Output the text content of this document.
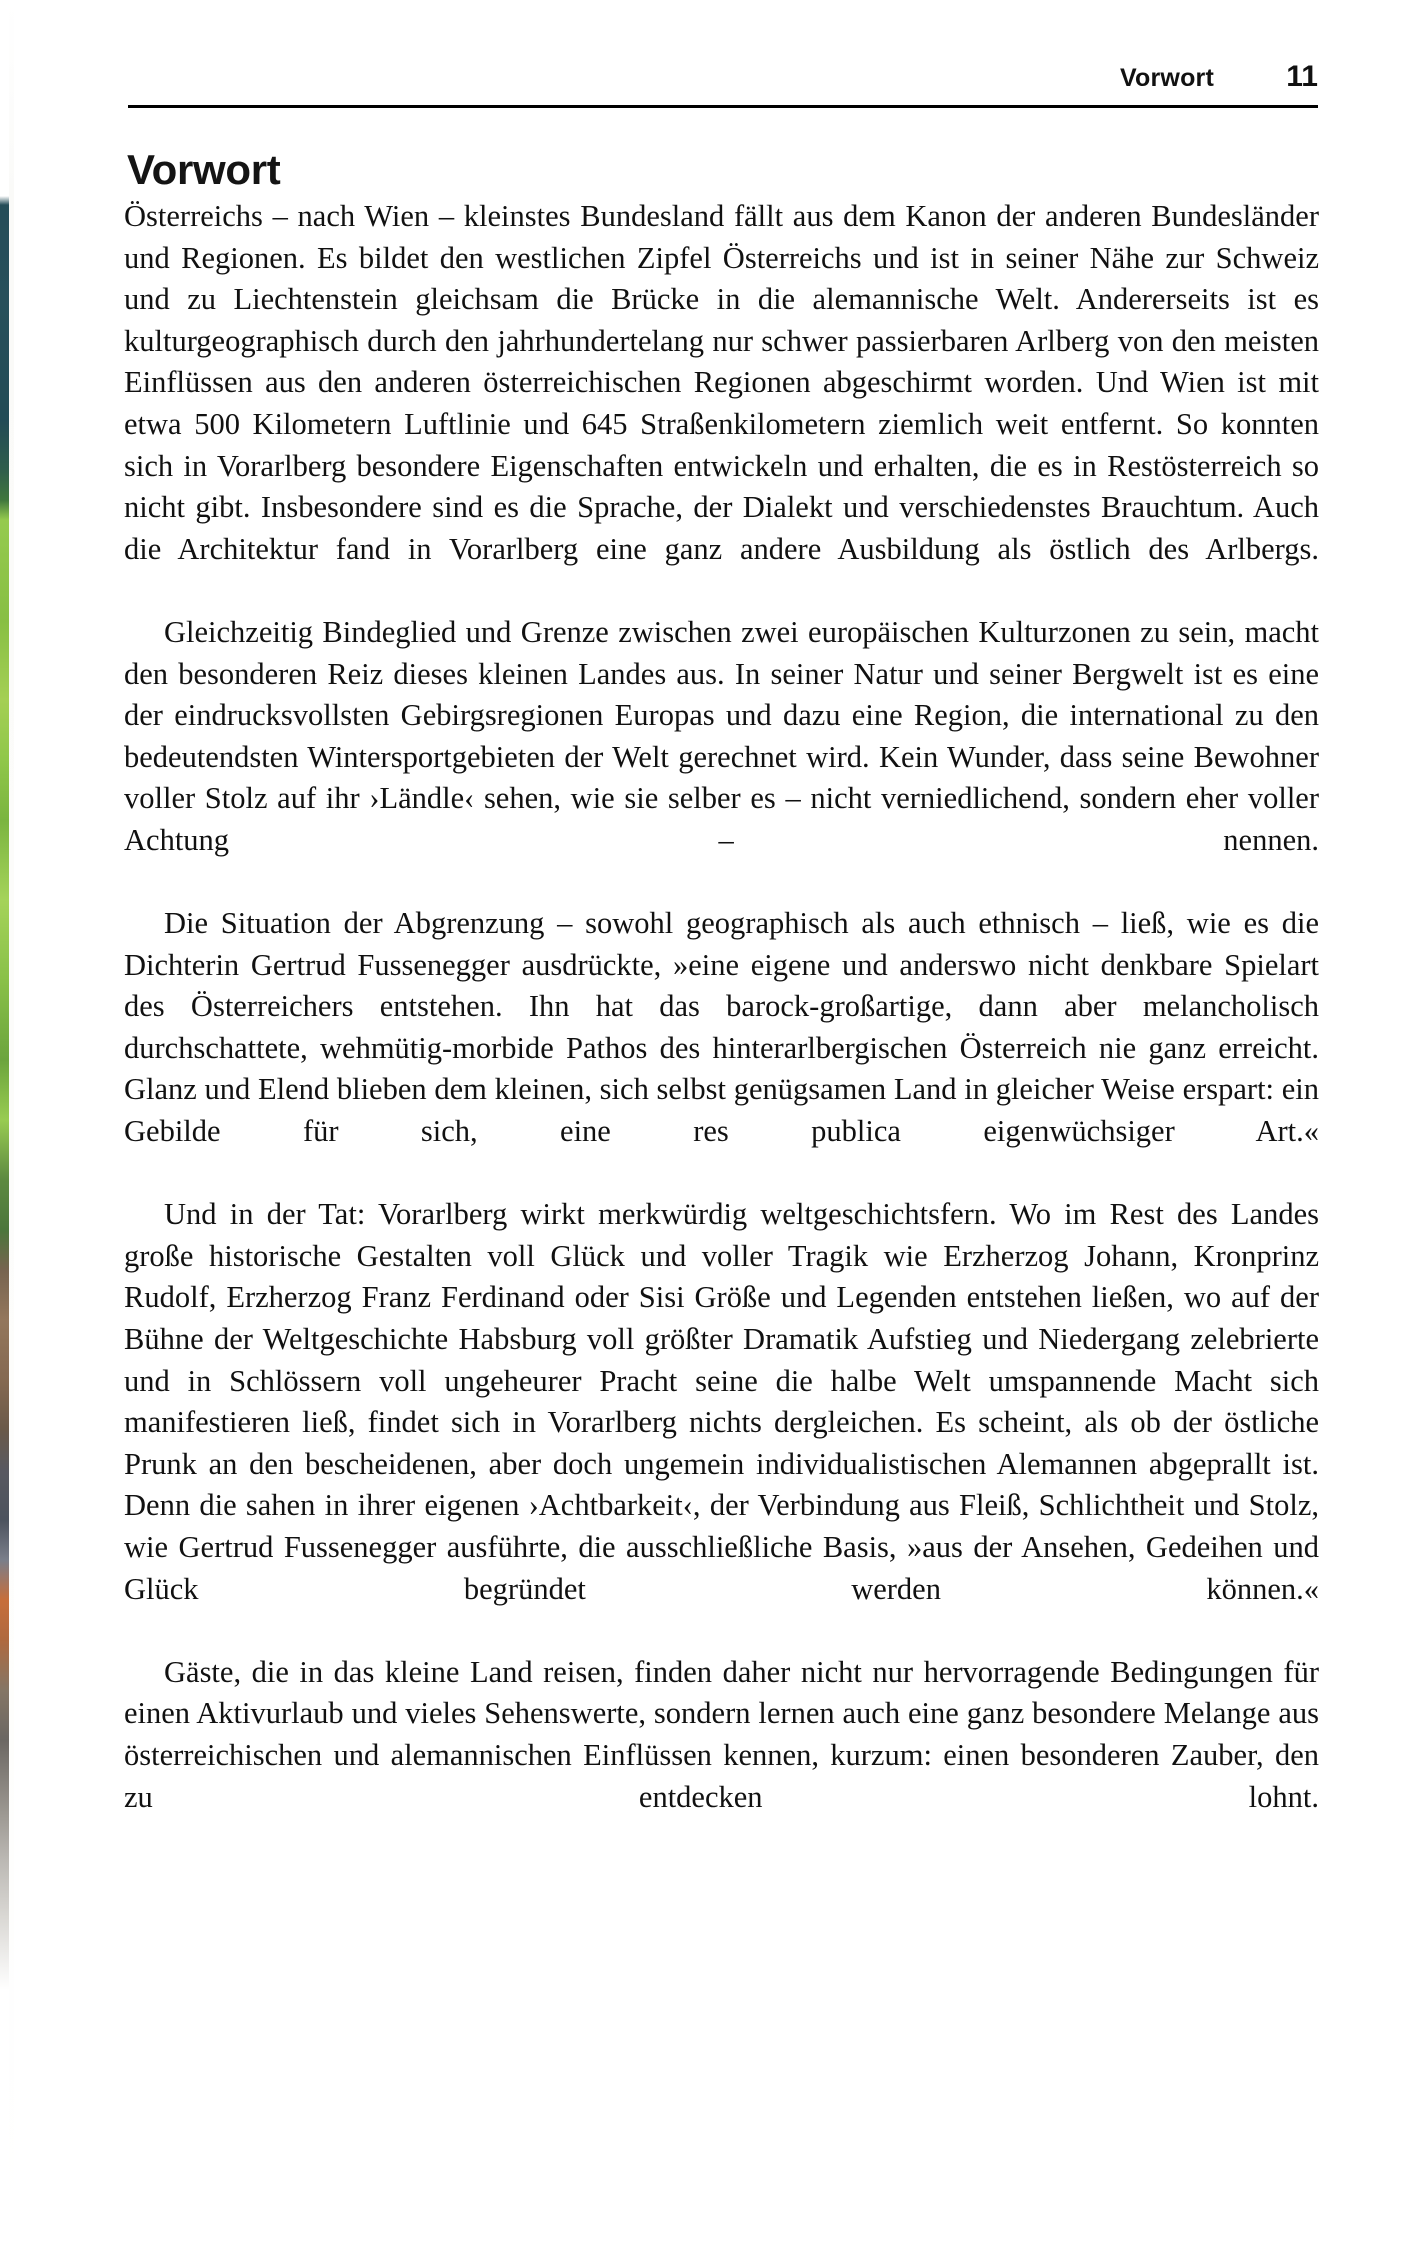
Vorwort 11
Vorwort

Österreichs – nach Wien – kleinstes Bundesland fällt aus dem Kanon der anderen Bundesländer und Regionen. Es bildet den westlichen Zipfel Österreichs und ist in seiner Nähe zur Schweiz und zu Liechtenstein gleichsam die Brücke in die alemannische Welt. Andererseits ist es kulturgeographisch durch den jahrhundertelang nur schwer passierbaren Arlberg von den meisten Einflüssen aus den anderen österreichischen Regionen abgeschirmt worden. Und Wien ist mit etwa 500 Kilometern Luftlinie und 645 Straßenkilometern ziemlich weit entfernt. So konnten sich in Vorarlberg besondere Eigenschaften entwickeln und erhalten, die es in Restösterreich so nicht gibt. Insbesondere sind es die Sprache, der Dialekt und verschiedenstes Brauchtum. Auch die Architektur fand in Vorarlberg eine ganz andere Ausbildung als östlich des Arlbergs.

Gleichzeitig Bindeglied und Grenze zwischen zwei europäischen Kulturzonen zu sein, macht den besonderen Reiz dieses kleinen Landes aus. In seiner Natur und seiner Bergwelt ist es eine der eindrucksvollsten Gebirgsregionen Europas und dazu eine Region, die international zu den bedeutendsten Wintersportgebieten der Welt gerechnet wird. Kein Wunder, dass seine Bewohner voller Stolz auf ihr ›Ländle‹ sehen, wie sie selber es – nicht verniedlichend, sondern eher voller Achtung – nennen.

Die Situation der Abgrenzung – sowohl geographisch als auch ethnisch – ließ, wie es die Dichterin Gertrud Fussenegger ausdrückte, »eine eigene und anderswo nicht denkbare Spielart des Österreichers entstehen. Ihn hat das barock-großartige, dann aber melancholisch durchschattete, wehmütig-morbide Pathos des hinterarlbergischen Österreich nie ganz erreicht. Glanz und Elend blieben dem kleinen, sich selbst genügsamen Land in gleicher Weise erspart: ein Gebilde für sich, eine res publica eigenwüchsiger Art.«

Und in der Tat: Vorarlberg wirkt merkwürdig weltgeschichtsfern. Wo im Rest des Landes große historische Gestalten voll Glück und voller Tragik wie Erzherzog Johann, Kronprinz Rudolf, Erzherzog Franz Ferdinand oder Sisi Größe und Legenden entstehen ließen, wo auf der Bühne der Weltgeschichte Habsburg voll größter Dramatik Aufstieg und Niedergang zelebrierte und in Schlössern voll ungeheurer Pracht seine die halbe Welt umspannende Macht sich manifestieren ließ, findet sich in Vorarlberg nichts dergleichen. Es scheint, als ob der östliche Prunk an den bescheidenen, aber doch ungemein individualistischen Alemannen abgeprallt ist. Denn die sahen in ihrer eigenen ›Achtbarkeit‹, der Verbindung aus Fleiß, Schlichtheit und Stolz, wie Gertrud Fussenegger ausführte, die ausschließliche Basis, »aus der Ansehen, Gedeihen und Glück begründet werden können.«

Gäste, die in das kleine Land reisen, finden daher nicht nur hervorragende Bedingungen für einen Aktivurlaub und vieles Sehenswerte, sondern lernen auch eine ganz besondere Melange aus österreichischen und alemannischen Einflüssen kennen, kurzum: einen besonderen Zauber, den zu entdecken lohnt.
